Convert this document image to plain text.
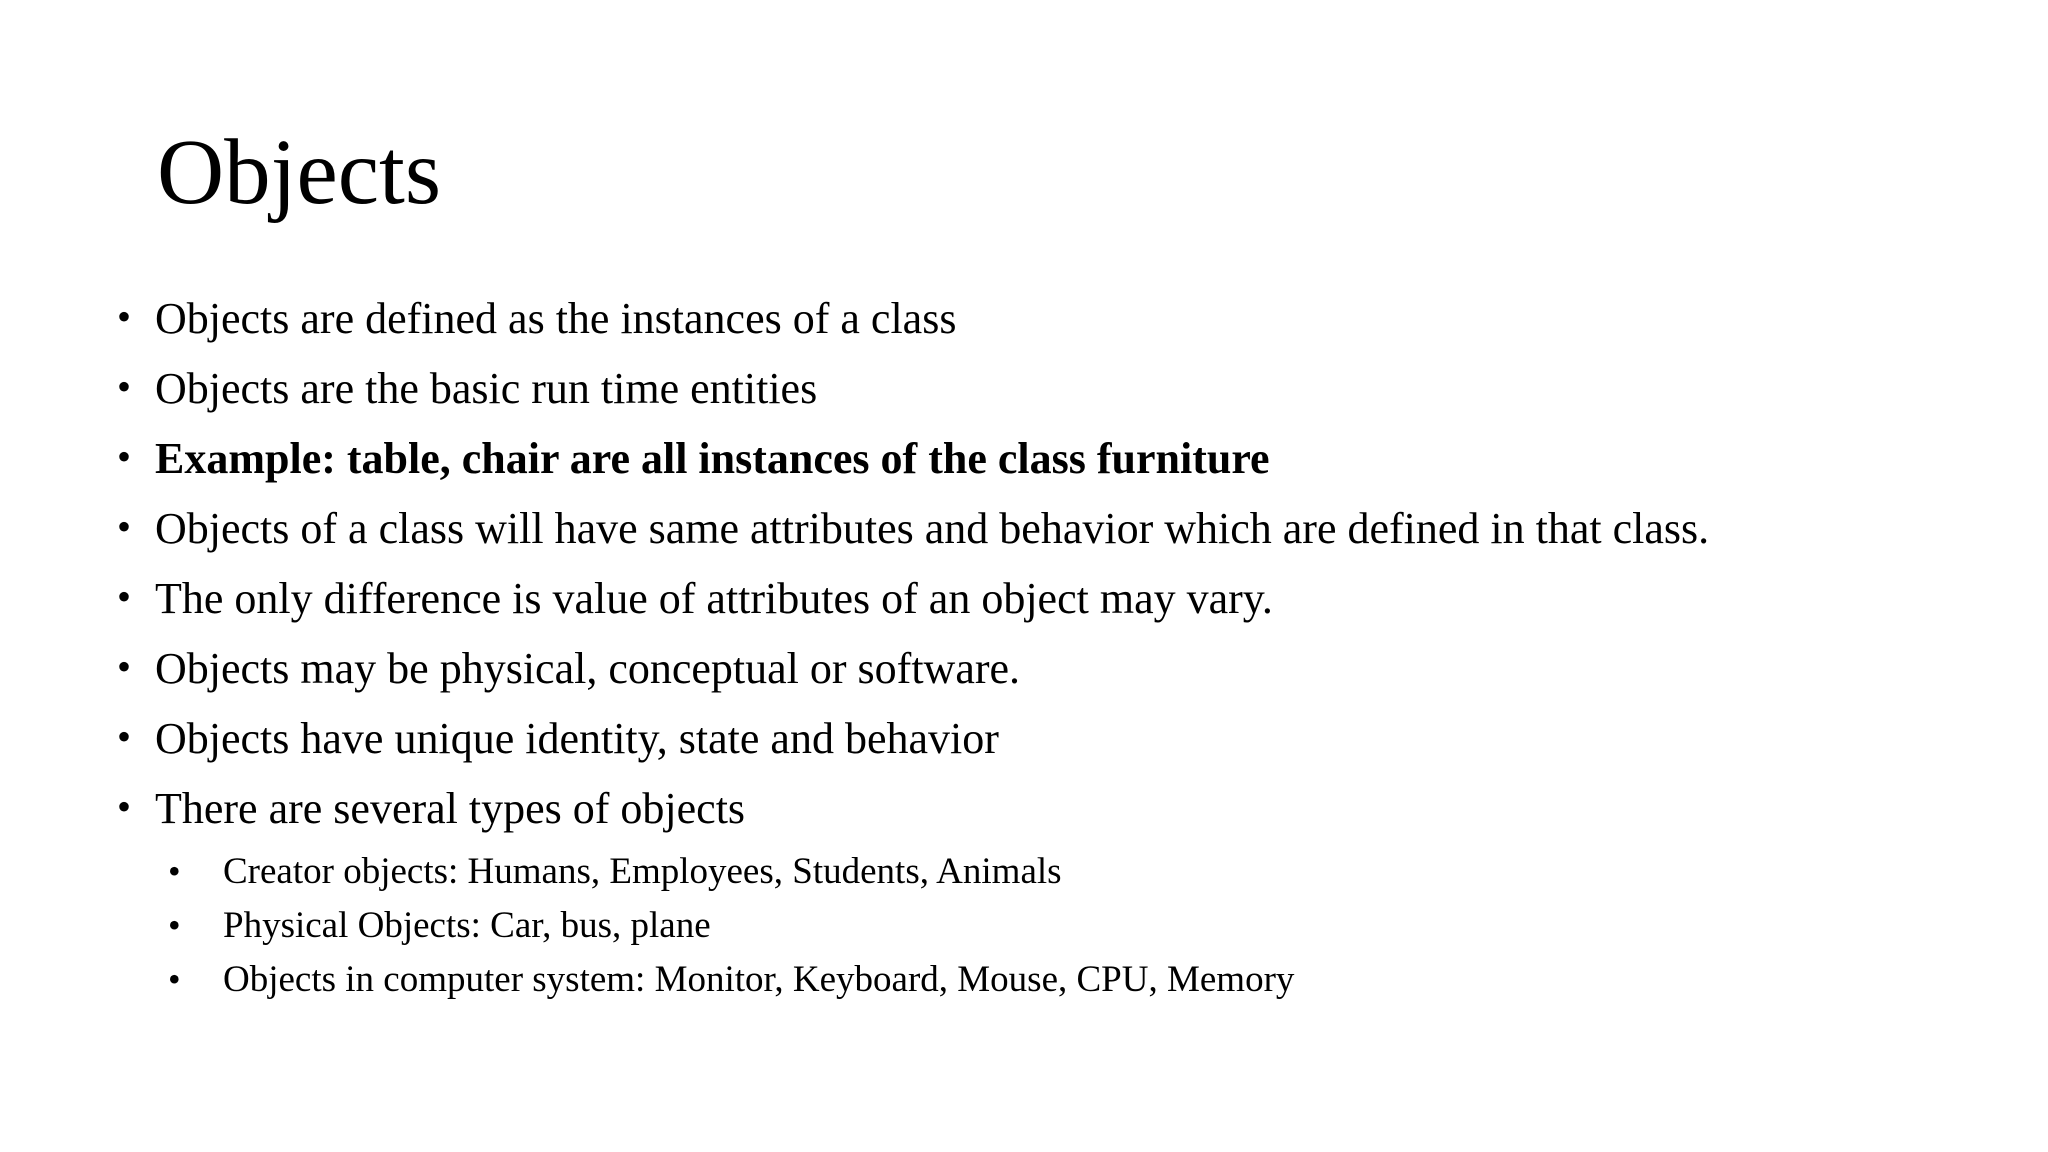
Objects
• Objects are defined as the instances of a class
• Objects are the basic run time entities
• Example: table, chair are all instances of the class furniture
• Objects of a class will have same attributes and behavior which are defined in that class.
• The only difference is value of attributes of an object may vary.
• Objects may be physical, conceptual or software.
• Objects have unique identity, state and behavior
• There are several types of objects
• Creator objects: Humans, Employees, Students, Animals
• Physical Objects: Car, bus, plane
• Objects in computer system: Monitor, Keyboard, Mouse, CPU, Memory
